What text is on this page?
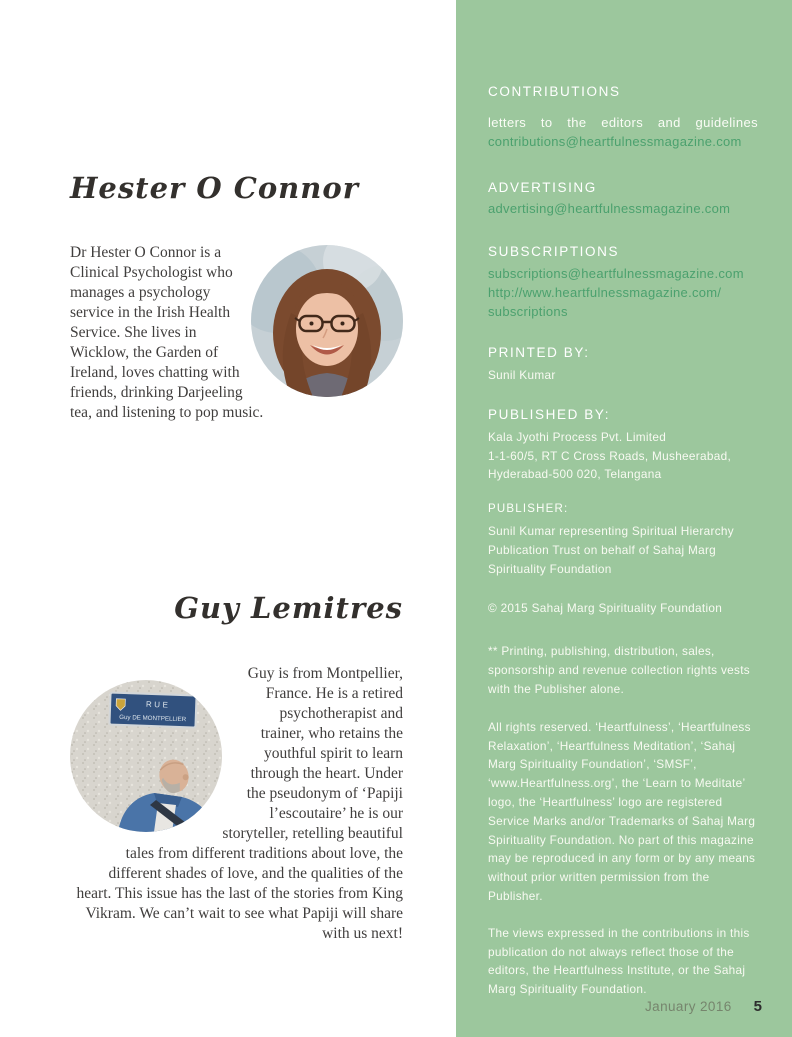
Hester O Connor

Dr Hester O Connor is a Clinical Psychologist who manages a psychology service in the Irish Health Service. She lives in Wicklow, the Garden of Ireland, loves chatting with friends, drinking Darjeeling tea, and listening to pop music.

Guy Lemitres
RUE
Guy DE MONTPELLIER

Guy is from Montpellier, France. He is a retired psychotherapist and trainer, who retains the youthful spirit to learn through the heart. Under the pseudonym of ‘Papiji l’escoutaire’ he is our storyteller, retelling beautiful tales from different traditions about love, the different shades of love, and the qualities of the heart. This issue has the last of the stories from King Vikram. We can’t wait to see what Papiji will share with us next!

CONTRIBUTIONS

letters to the editors and guidelines contributions@heartfulnessmagazine.com

ADVERTISING

advertising@heartfulnessmagazine.com

SUBSCRIPTIONS

subscriptions@heartfulnessmagazine.com
http://www.heartfulnessmagazine.com/
subscriptions

PRINTED BY:

Sunil Kumar

PUBLISHED BY:

Kala Jyothi Process Pvt. Limited
1-1-60/5, RT C Cross Roads, Musheerabad,
Hyderabad-500 020, Telangana

PUBLISHER:

Sunil Kumar representing Spiritual Hierarchy Publication Trust on behalf of Sahaj Marg Spirituality Foundation

© 2015 Sahaj Marg Spirituality Foundation

** Printing, publishing, distribution, sales, sponsorship and revenue collection rights vests with the Publisher alone.

All rights reserved. ‘Heartfulness’, ‘Heartfulness Relaxation’, ‘Heartfulness Meditation’, ‘Sahaj Marg Spirituality Foundation’, ‘SMSF’, ‘www.Heartfulness.org’, the ‘Learn to Meditate’ logo, the ‘Heartfulness’ logo are registered Service Marks and/or Trademarks of Sahaj Marg Spirituality Foundation. No part of this magazine may be reproduced in any form or by any means without prior written permission from the Publisher.

The views expressed in the contributions in this publication do not always reflect those of the editors, the Heartfulness Institute, or the Sahaj Marg Spirituality Foundation.

January 2016 5
